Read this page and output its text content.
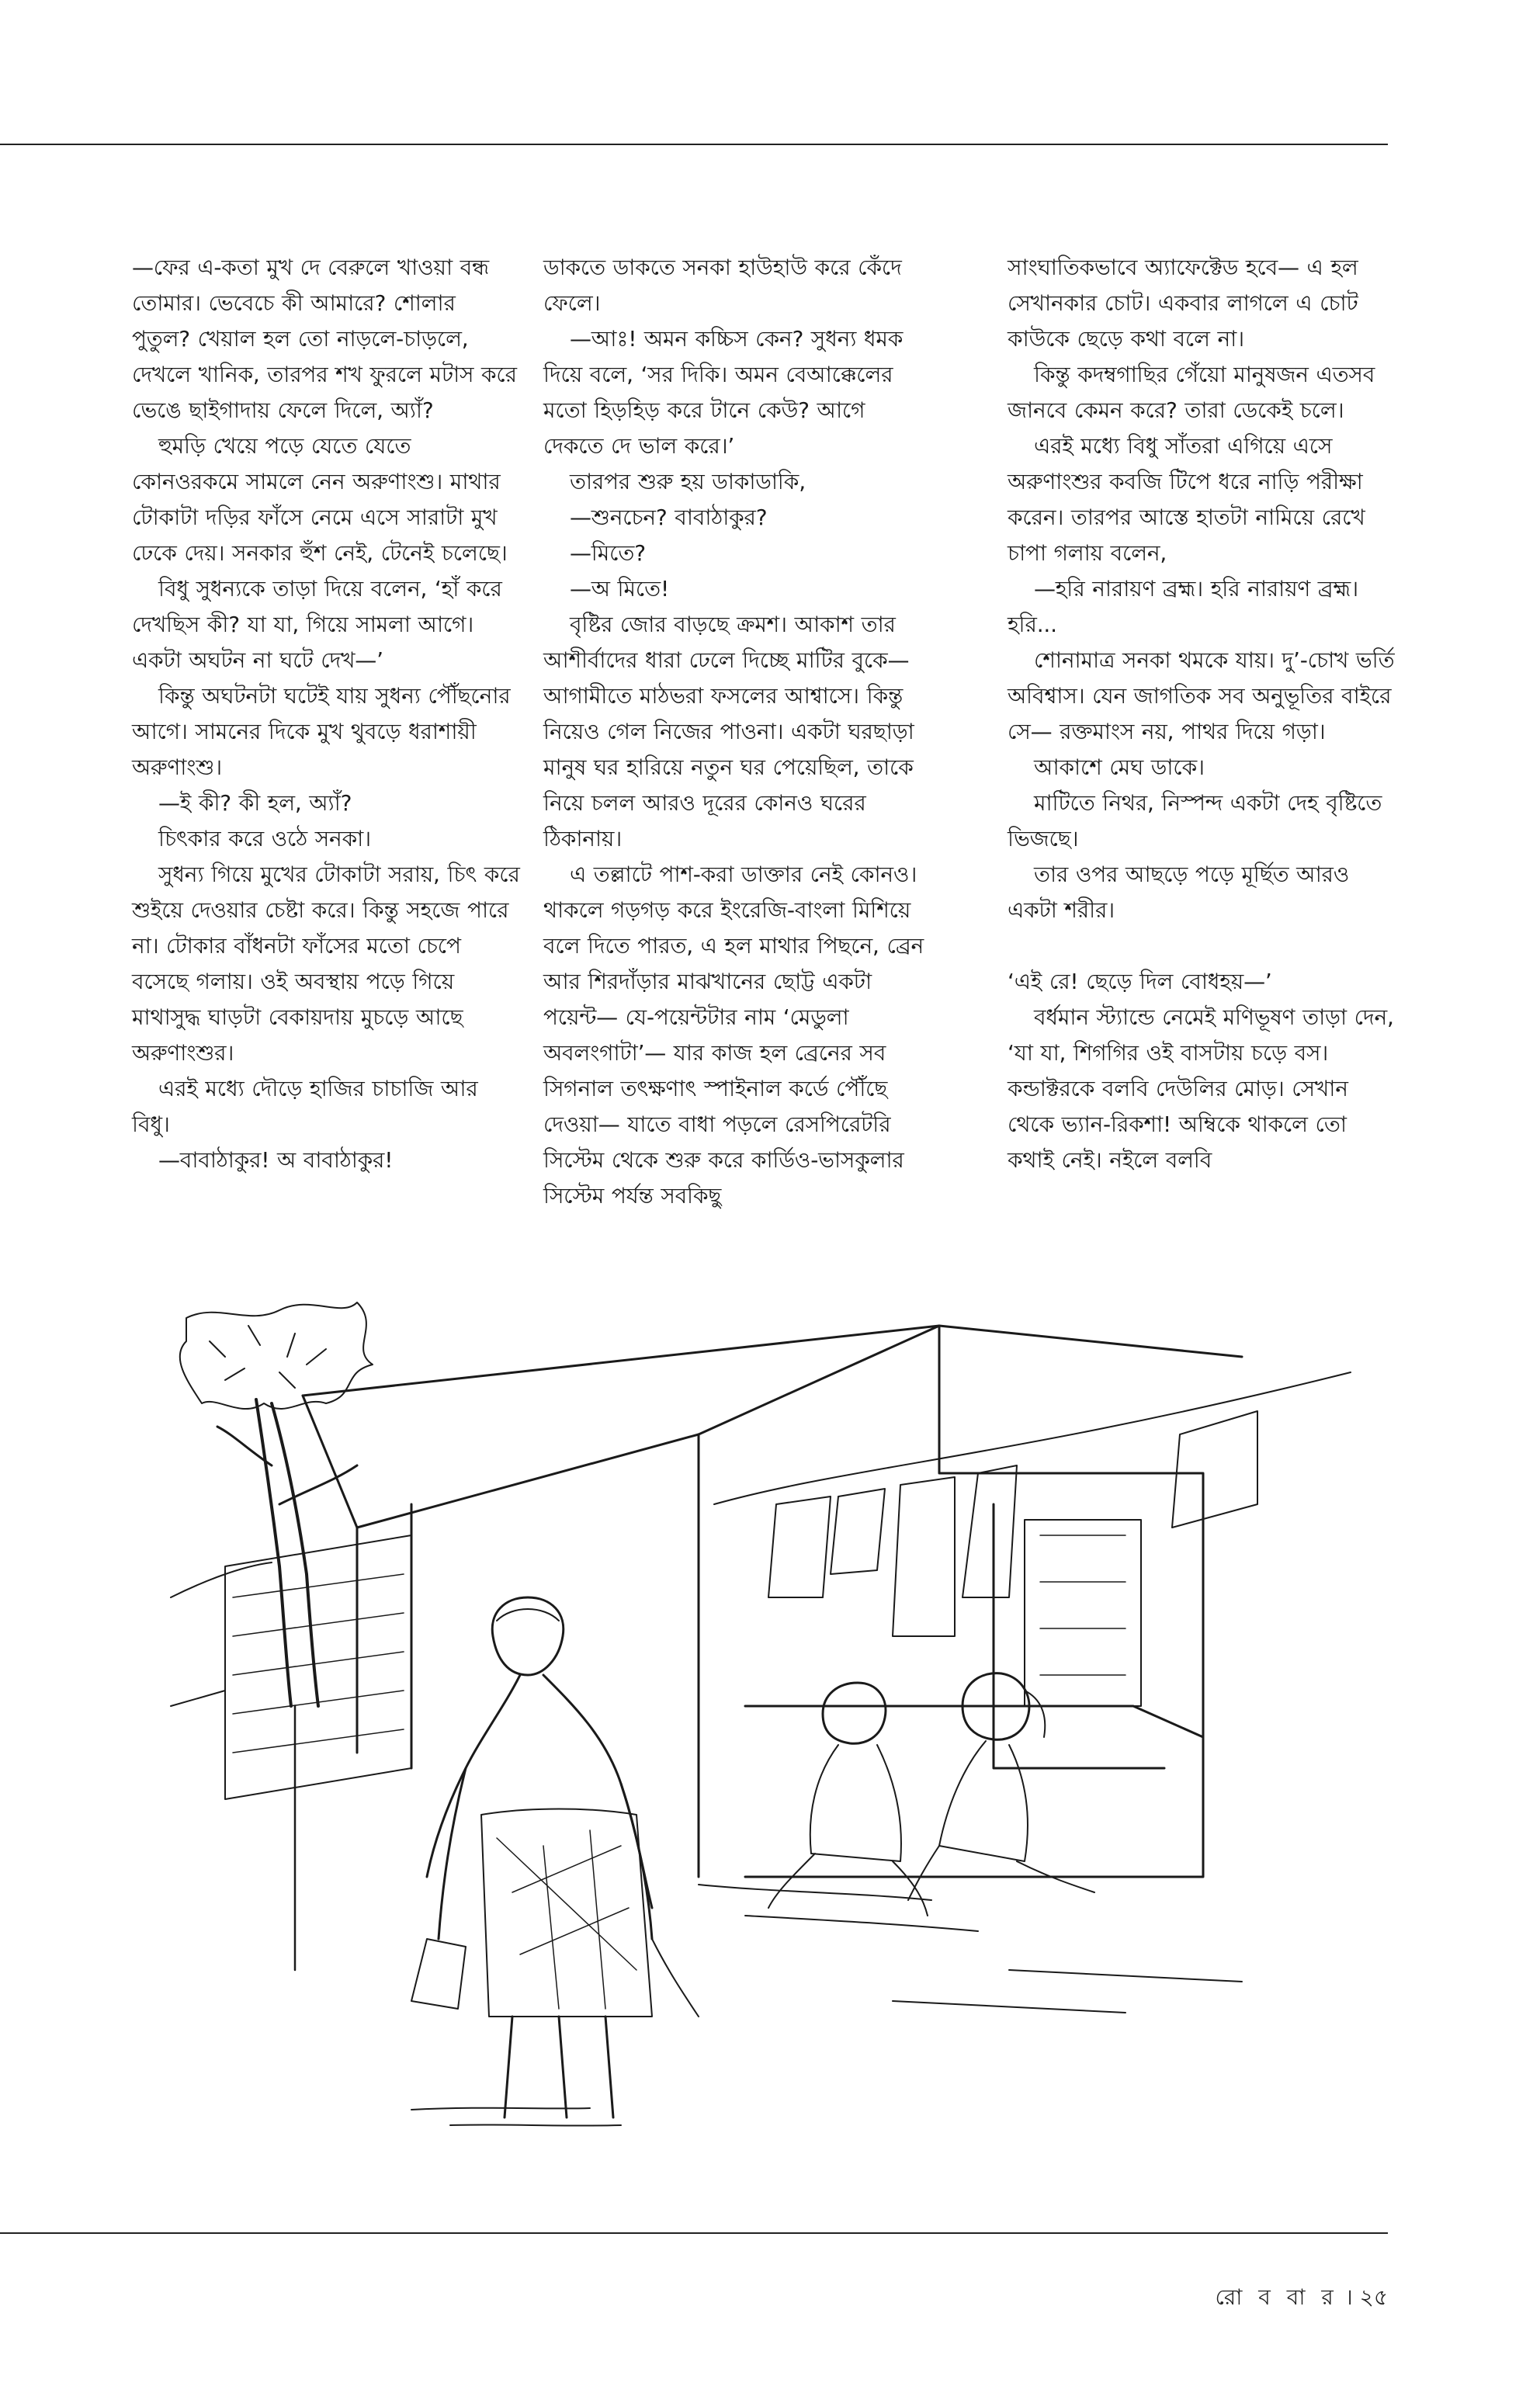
—ফের এ-কতা মুখ দে বেরুলে খাওয়া বন্ধ তোমার। ভেবেচে কী আমারে? শোলার পুতুল? খেয়াল হল তো নাড়লে-চাড়লে, দেখলে খানিক, তারপর শখ ফুরলে মটাস করে ভেঙে ছাইগাদায় ফেলে দিলে, অ্যাঁ?

হুমড়ি খেয়ে পড়ে যেতে যেতে কোনওরকমে সামলে নেন অরুণাংশু। মাথার টোকাটা দড়ির ফাঁসে নেমে এসে সারাটা মুখ ঢেকে দেয়। সনকার হুঁশ নেই, টেনেই চলেছে।

বিধু সুধন্যকে তাড়া দিয়ে বলেন, ‘হাঁ করে দেখছিস কী? যা যা, গিয়ে সামলা আগে। একটা অঘটন না ঘটে দেখ—’

কিন্তু অঘটনটা ঘটেই যায় সুধন্য পৌঁছনোর আগে। সামনের দিকে মুখ থুবড়ে ধরাশায়ী অরুণাংশু।

—ই কী? কী হল, অ্যাঁ?

চিৎকার করে ওঠে সনকা।

সুধন্য গিয়ে মুখের টোকাটা সরায়, চিৎ করে শুইয়ে দেওয়ার চেষ্টা করে। কিন্তু সহজে পারে না। টোকার বাঁধনটা ফাঁসের মতো চেপে বসেছে গলায়। ওই অবস্থায় পড়ে গিয়ে মাথাসুদ্ধ ঘাড়টা বেকায়দায় মুচড়ে আছে অরুণাংশুর।

এরই মধ্যে দৌড়ে হাজির চাচাজি আর বিধু।

—বাবাঠাকুর! অ বাবাঠাকুর!

ডাকতে ডাকতে সনকা হাউহাউ করে কেঁদে ফেলে।

—আঃ! অমন কচ্চিস কেন? সুধন্য ধমক দিয়ে বলে, ‘সর দিকি। অমন বেআক্কেলের মতো হিড়হিড় করে টানে কেউ? আগে দেকতে দে ভাল করে।’

তারপর শুরু হয় ডাকাডাকি,

—শুনচেন? বাবাঠাকুর?

—মিতে?

—অ মিতে!

বৃষ্টির জোর বাড়ছে ক্রমশ। আকাশ তার আশীর্বাদের ধারা ঢেলে দিচ্ছে মাটির বুকে— আগামীতে মাঠভরা ফসলের আশ্বাসে। কিন্তু নিয়েও গেল নিজের পাওনা। একটা ঘরছাড়া মানুষ ঘর হারিয়ে নতুন ঘর পেয়েছিল, তাকে নিয়ে চলল আরও দূরের কোনও ঘরের ঠিকানায়।

এ তল্লাটে পাশ-করা ডাক্তার নেই কোনও। থাকলে গড়গড় করে ইংরেজি-বাংলা মিশিয়ে বলে দিতে পারত, এ হল মাথার পিছনে, ব্রেন আর শিরদাঁড়ার মাঝখানের ছোট্ট একটা পয়েন্ট— যে-পয়েন্টটার নাম ‘মেডুলা অবলংগাটা’— যার কাজ হল ব্রেনের সব সিগনাল তৎক্ষণাৎ স্পাইনাল কর্ডে পৌঁছে দেওয়া— যাতে বাধা পড়লে রেসপিরেটরি সিস্টেম থেকে শুরু করে কার্ডিও-ভাসকুলার সিস্টেম পর্যন্ত সবকিছু

সাংঘাতিকভাবে অ্যাফেক্টেড হবে— এ হল সেখানকার চোট। একবার লাগলে এ চোট কাউকে ছেড়ে কথা বলে না।

কিন্তু কদম্বগাছির গেঁয়ো মানুষজন এতসব জানবে কেমন করে? তারা ডেকেই চলে।

এরই মধ্যে বিধু সাঁতরা এগিয়ে এসে অরুণাংশুর কবজি টিপে ধরে নাড়ি পরীক্ষা করেন। তারপর আস্তে হাতটা নামিয়ে রেখে চাপা গলায় বলেন,

—হরি নারায়ণ ব্রহ্ম। হরি নারায়ণ ব্রহ্ম। হরি...

শোনামাত্র সনকা থমকে যায়। দু’-চোখ ভর্তি অবিশ্বাস। যেন জাগতিক সব অনুভূতির বাইরে সে— রক্তমাংস নয়, পাথর দিয়ে গড়া।

আকাশে মেঘ ডাকে।

মাটিতে নিথর, নিস্পন্দ একটা দেহ বৃষ্টিতে ভিজছে।

তার ওপর আছড়ে পড়ে মূর্ছিত আরও একটা শরীর।

‘এই রে! ছেড়ে দিল বোধহয়—’

বর্ধমান স্ট্যান্ডে নেমেই মণিভূষণ তাড়া দেন, ‘যা যা, শিগগির ওই বাসটায় চড়ে বস। কন্ডাক্টরকে বলবি দেউলির মোড়। সেখান থেকে ভ্যান-রিকশা! অম্বিকে থাকলে তো কথাই নেই। নইলে বলবি

রো ব বা র । ২৫
